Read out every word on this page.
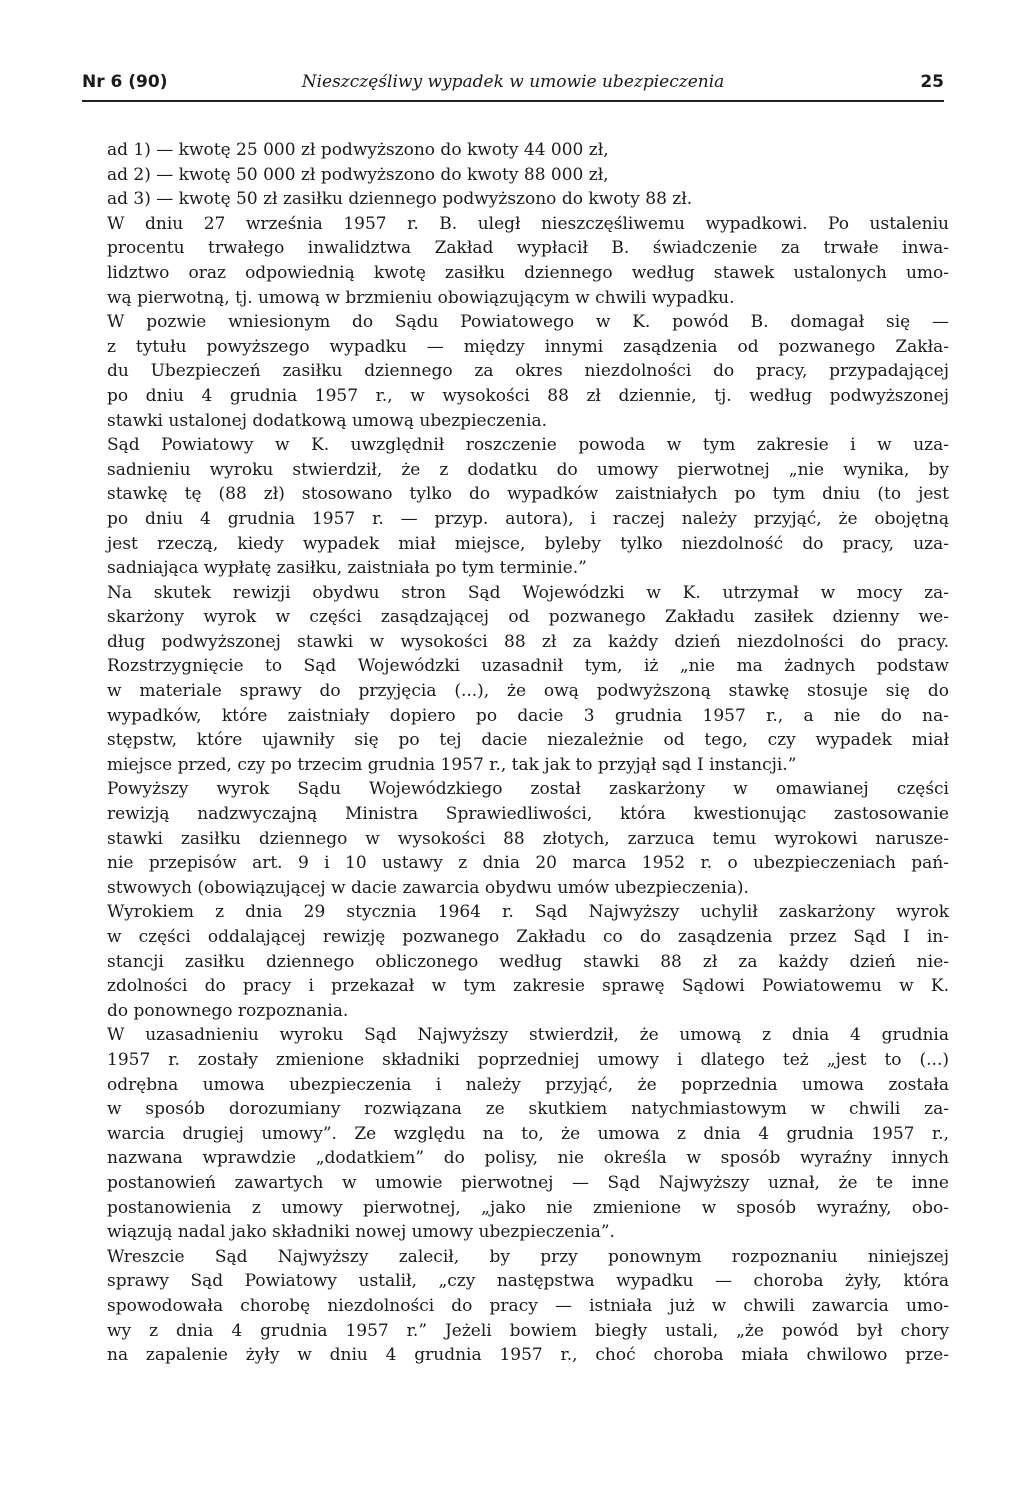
Nr 6 (90)	Nieszczęśliwy wypadek w umowie ubezpieczenia	25
ad 1) — kwotę 25 000 zł podwyższono do kwoty 44 000 zł,
ad 2) — kwotę 50 000 zł podwyższono do kwoty 88 000 zł,
ad 3) — kwotę 50 zł zasiłku dziennego podwyższono do kwoty 88 zł.
W dniu 27 września 1957 r. B. uległ nieszczęśliwemu wypadkowi. Po ustaleniu
procentu trwałego inwalidztwa Zakład wypłacił B. świadczenie za trwałe inwa-
lidztwo oraz odpowiednią kwotę zasiłku dziennego według stawek ustalonych umo-
wą pierwotną, tj. umową w brzmieniu obowiązującym w chwili wypadku.
W pozwie wniesionym do Sądu Powiatowego w K. powód B. domagał się —
z tytułu powyższego wypadku — między innymi zasądzenia od pozwanego Zakła-
du Ubezpieczeń zasiłku dziennego za okres niezdolności do pracy, przypadającej
po dniu 4 grudnia 1957 r., w wysokości 88 zł dziennie, tj. według podwyższonej
stawki ustalonej dodatkową umową ubezpieczenia.
Sąd Powiatowy w K. uwzględnił roszczenie powoda w tym zakresie i w uza-
sadnieniu wyroku stwierdził, że z dodatku do umowy pierwotnej „nie wynika, by
stawkę tę (88 zł) stosowano tylko do wypadków zaistniałych po tym dniu (to jest
po dniu 4 grudnia 1957 r. — przyp. autora), i raczej należy przyjąć, że obojętną
jest rzeczą, kiedy wypadek miał miejsce, byleby tylko niezdolność do pracy, uza-
sadniająca wypłatę zasiłku, zaistniała po tym terminie.”
Na skutek rewizji obydwu stron Sąd Wojewódzki w K. utrzymał w mocy za-
skarżony wyrok w części zasądzającej od pozwanego Zakładu zasiłek dzienny we-
dług podwyższonej stawki w wysokości 88 zł za każdy dzień niezdolności do pracy.
Rozstrzygnięcie to Sąd Wojewódzki uzasadnił tym, iż „nie ma żadnych podstaw
w materiale sprawy do przyjęcia (...), że ową podwyższoną stawkę stosuje się do
wypadków, które zaistniały dopiero po dacie 3 grudnia 1957 r., a nie do na-
stępstw, które ujawniły się po tej dacie niezależnie od tego, czy wypadek miał
miejsce przed, czy po trzecim grudnia 1957 r., tak jak to przyjął sąd I instancji.”
Powyższy wyrok Sądu Wojewódzkiego został zaskarżony w omawianej części
rewizją nadzwyczajną Ministra Sprawiedliwości, która kwestionując zastosowanie
stawki zasiłku dziennego w wysokości 88 złotych, zarzuca temu wyrokowi narusze-
nie przepisów art. 9 i 10 ustawy z dnia 20 marca 1952 r. o ubezpieczeniach pań-
stwowych (obowiązującej w dacie zawarcia obydwu umów ubezpieczenia).
Wyrokiem z dnia 29 stycznia 1964 r. Sąd Najwyższy uchylił zaskarżony wyrok
w części oddalającej rewizję pozwanego Zakładu co do zasądzenia przez Sąd I in-
stancji zasiłku dziennego obliczonego według stawki 88 zł za każdy dzień nie-
zdolności do pracy i przekazał w tym zakresie sprawę Sądowi Powiatowemu w K.
do ponownego rozpoznania.
W uzasadnieniu wyroku Sąd Najwyższy stwierdził, że umową z dnia 4 grudnia
1957 r. zostały zmienione składniki poprzedniej umowy i dlatego też „jest to (...)
odrębna umowa ubezpieczenia i należy przyjąć, że poprzednia umowa została
w sposób dorozumiany rozwiązana ze skutkiem natychmiastowym w chwili za-
warcia drugiej umowy”. Ze względu na to, że umowa z dnia 4 grudnia 1957 r.,
nazwana wprawdzie „dodatkiem” do polisy, nie określa w sposób wyraźny innych
postanowień zawartych w umowie pierwotnej — Sąd Najwyższy uznał, że te inne
postanowienia z umowy pierwotnej, „jako nie zmienione w sposób wyraźny, obo-
wiązują nadal jako składniki nowej umowy ubezpieczenia”.
Wreszcie Sąd Najwyższy zalecił, by przy ponownym rozpoznaniu niniejszej
sprawy Sąd Powiatowy ustalił, „czy następstwa wypadku — choroba żyły, która
spowodowała chorobę niezdolności do pracy — istniała już w chwili zawarcia umo-
wy z dnia 4 grudnia 1957 r.” Jeżeli bowiem biegły ustali, „że powód był chory
na zapalenie żyły w dniu 4 grudnia 1957 r., choć choroba miała chwilowo prze-
